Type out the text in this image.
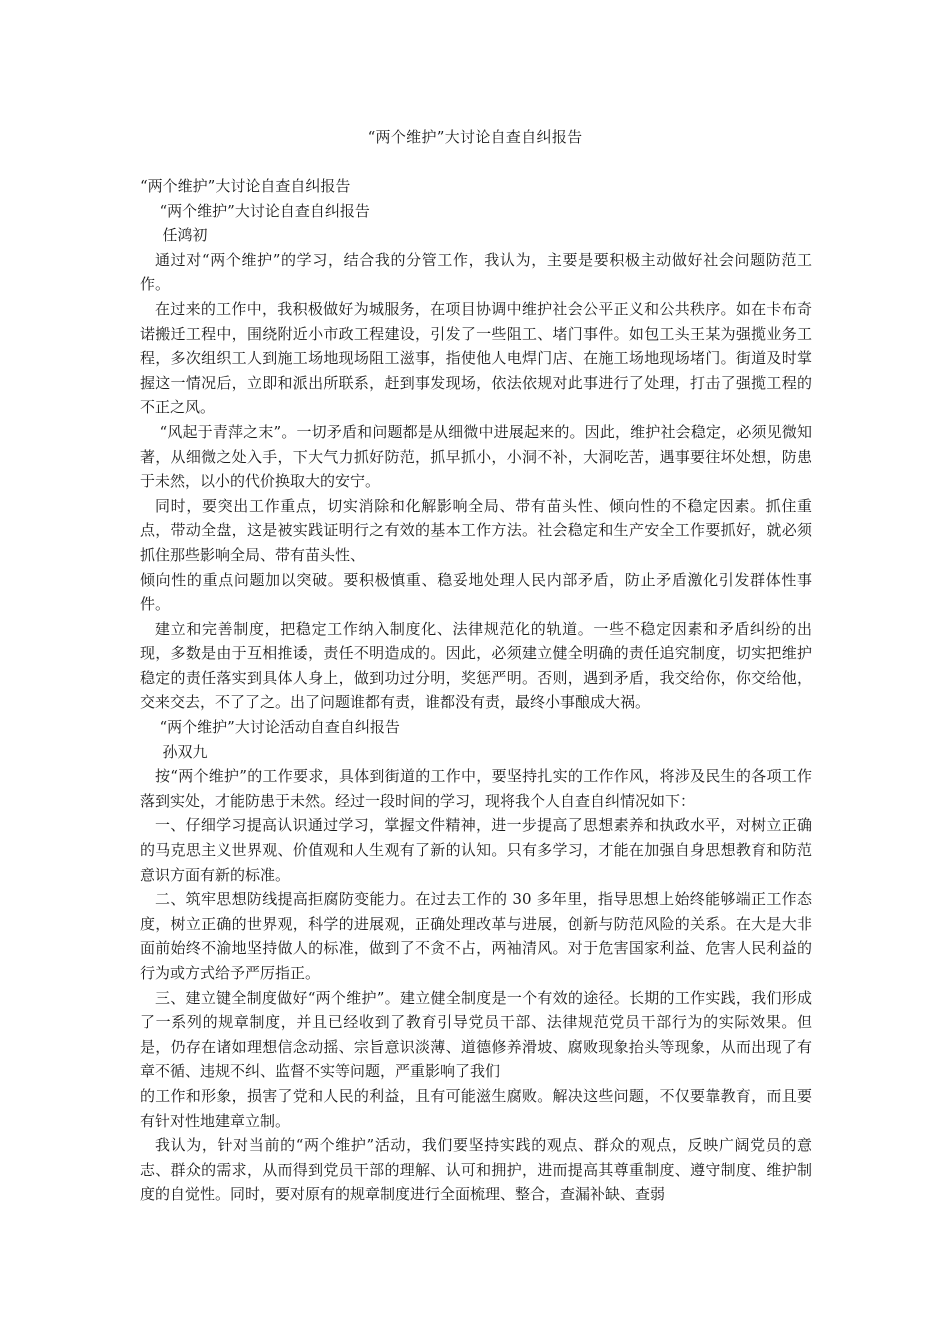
“两个维护”大讨论自查自纠报告

“两个维护”大讨论自查自纠报告

“两个维护”大讨论自查自纠报告

任鸿初

通过对“两个维护”的学习，结合我的分管工作，我认为，主要是要积极主动做好社会问题防范工作。

在过来的工作中，我积极做好为城服务，在项目协调中维护社会公平正义和公共秩序。如在卡布奇诺搬迁工程中，围绕附近小市政工程建设，引发了一些阻工、堵门事件。如包工头王某为强揽业务工程，多次组织工人到施工场地现场阻工滋事，指使他人电焊门店、在施工场地现场堵门。街道及时掌握这一情况后，立即和派出所联系，赶到事发现场，依法依规对此事进行了处理，打击了强揽工程的不正之风。

“风起于青萍之末”。一切矛盾和问题都是从细微中进展起来的。因此，维护社会稳定，必须见微知著，从细微之处入手，下大气力抓好防范，抓早抓小，小洞不补，大洞吃苦，遇事要往坏处想，防患于未然，以小的代价换取大的安宁。

同时，要突出工作重点，切实消除和化解影响全局、带有苗头性、倾向性的不稳定因素。抓住重点，带动全盘，这是被实践证明行之有效的基本工作方法。社会稳定和生产安全工作要抓好，就必须抓住那些影响全局、带有苗头性、

倾向性的重点问题加以突破。要积极慎重、稳妥地处理人民内部矛盾，防止矛盾激化引发群体性事件。

建立和完善制度，把稳定工作纳入制度化、法律规范化的轨道。一些不稳定因素和矛盾纠纷的出现，多数是由于互相推诿，责任不明造成的。因此，必须建立健全明确的责任追究制度，切实把维护稳定的责任落实到具体人身上，做到功过分明，奖惩严明。否则，遇到矛盾，我交给你，你交给他，交来交去，不了了之。出了问题谁都有责，谁都没有责，最终小事酿成大祸。

“两个维护”大讨论活动自查自纠报告

孙双九

按“两个维护”的工作要求，具体到街道的工作中，要坚持扎实的工作作风，将涉及民生的各项工作落到实处，才能防患于未然。经过一段时间的学习，现将我个人自查自纠情况如下：

一、仔细学习提高认识通过学习，掌握文件精神，进一步提高了思想素养和执政水平，对树立正确的马克思主义世界观、价值观和人生观有了新的认知。只有多学习，才能在加强自身思想教育和防范意识方面有新的标准。

二、筑牢思想防线提高拒腐防变能力。在过去工作的 30 多年里，指导思想上始终能够端正工作态度，树立正确的世界观，科学的进展观，正确处理改革与进展，创新与防范风险的关系。在大是大非面前始终不渝地坚持做人的标准，做到了不贪不占，两袖清风。对于危害国家利益、危害人民利益的行为或方式给予严厉指正。

三、建立键全制度做好“两个维护”。建立健全制度是一个有效的途径。长期的工作实践，我们形成了一系列的规章制度，并且已经收到了教育引导党员干部、法律规范党员干部行为的实际效果。但是，仍存在诸如理想信念动摇、宗旨意识淡薄、道德修养滑坡、腐败现象抬头等现象，从而出现了有章不循、违规不纠、监督不实等问题，严重影响了我们

的工作和形象，损害了党和人民的利益，且有可能滋生腐败。解决这些问题，不仅要靠教育，而且要有针对性地建章立制。

我认为，针对当前的“两个维护”活动，我们要坚持实践的观点、群众的观点，反映广阔党员的意志、群众的需求，从而得到党员干部的理解、认可和拥护，进而提高其尊重制度、遵守制度、维护制度的自觉性。同时，要对原有的规章制度进行全面梳理、整合，查漏补缺、查弱
